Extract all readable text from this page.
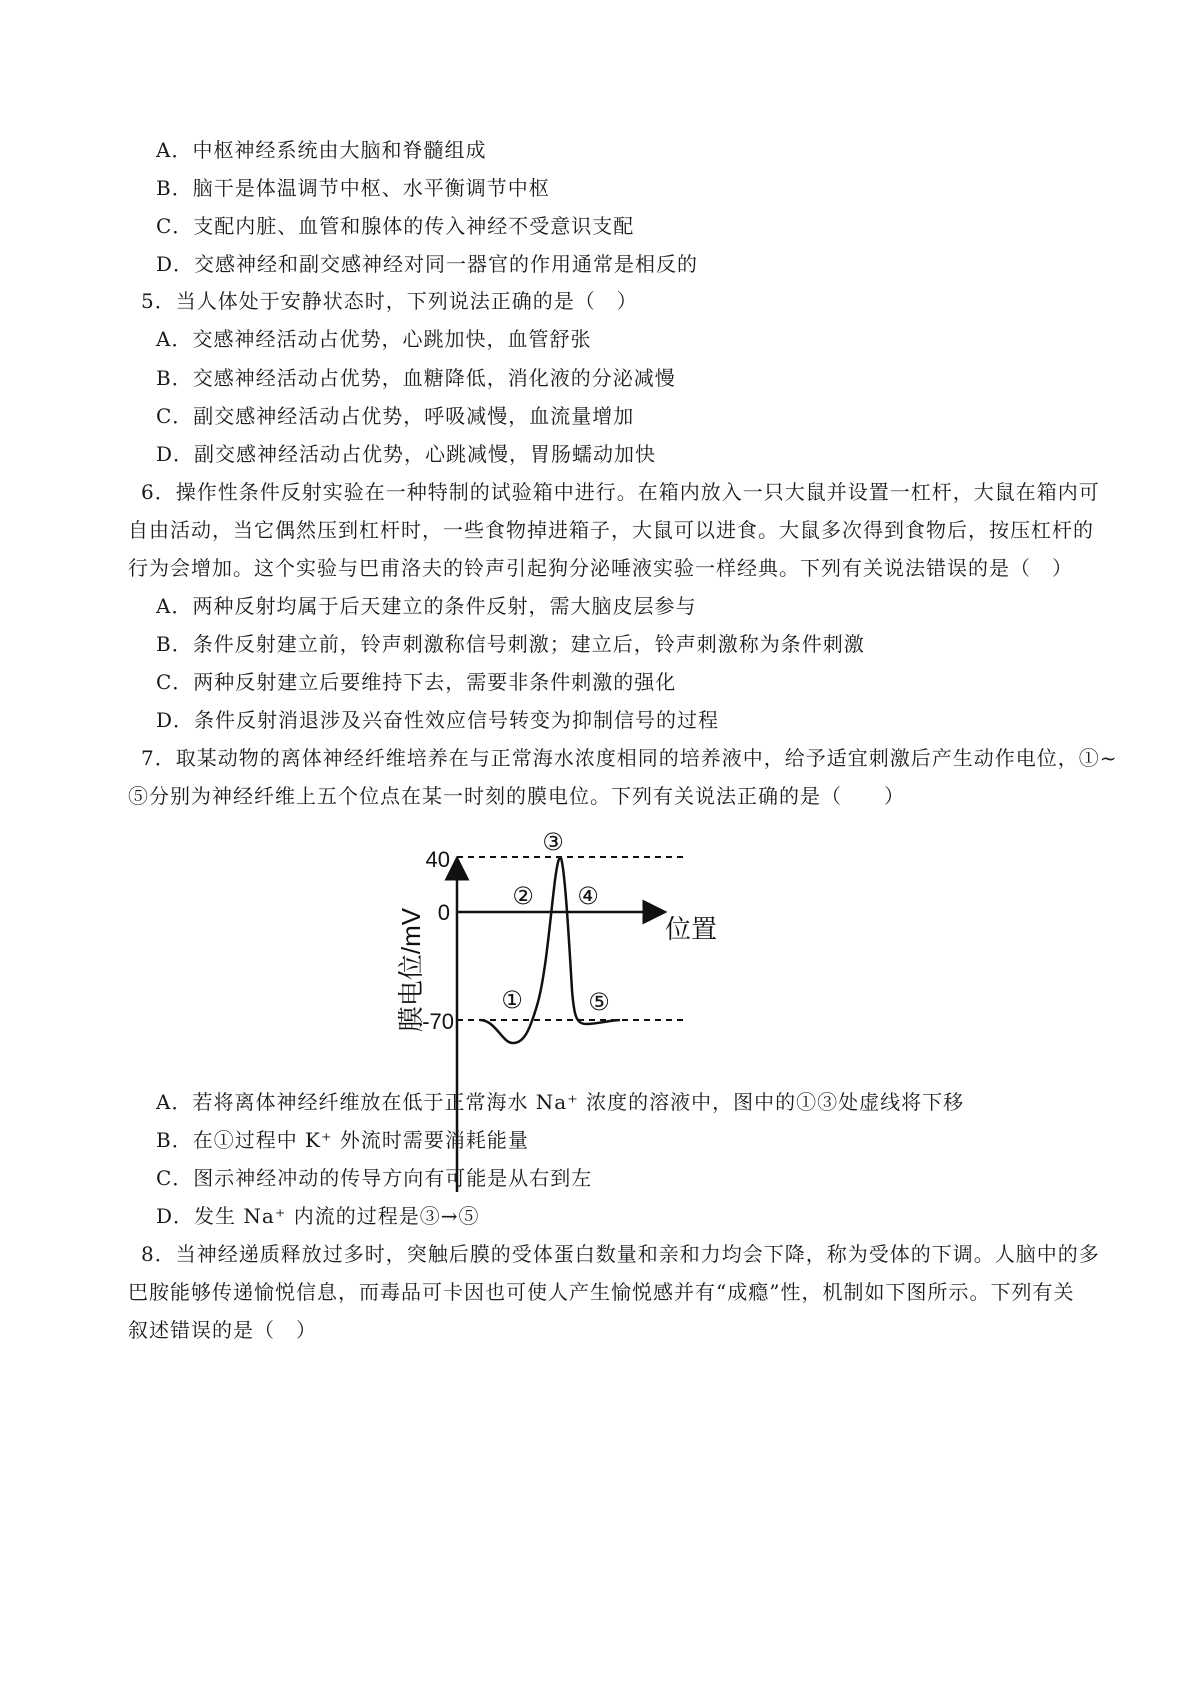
A．中枢神经系统由大脑和脊髓组成
B．脑干是体温调节中枢、水平衡调节中枢
C．支配内脏、血管和腺体的传入神经不受意识支配
D．交感神经和副交感神经对同一器官的作用通常是相反的
5．当人体处于安静状态时，下列说法正确的是（　）
A．交感神经活动占优势，心跳加快，血管舒张
B．交感神经活动占优势，血糖降低，消化液的分泌减慢
C．副交感神经活动占优势，呼吸减慢，血流量增加
D．副交感神经活动占优势，心跳减慢，胃肠蠕动加快
6．操作性条件反射实验在一种特制的试验箱中进行。在箱内放入一只大鼠并设置一杠杆，大鼠在箱内可
自由活动，当它偶然压到杠杆时，一些食物掉进箱子，大鼠可以进食。大鼠多次得到食物后，按压杠杆的
行为会增加。这个实验与巴甫洛夫的铃声引起狗分泌唾液实验一样经典。下列有关说法错误的是（　）
A．两种反射均属于后天建立的条件反射，需大脑皮层参与
B．条件反射建立前，铃声刺激称信号刺激；建立后，铃声刺激称为条件刺激
C．两种反射建立后要维持下去，需要非条件刺激的强化
D．条件反射消退涉及兴奋性效应信号转变为抑制信号的过程
7．取某动物的离体神经纤维培养在与正常海水浓度相同的培养液中，给予适宜刺激后产生动作电位，①~
⑤分别为神经纤维上五个位点在某一时刻的膜电位。下列有关说法正确的是（　　）
40
0
-70
膜电位/mV	位置
①
②
③
④
⑤
A．若将离体神经纤维放在低于正常海水 Na⁺ 浓度的溶液中，图中的①③处虚线将下移
B．在①过程中 K⁺ 外流时需要消耗能量
C．图示神经冲动的传导方向有可能是从右到左
D．发生 Na⁺ 内流的过程是③→⑤
8．当神经递质释放过多时，突触后膜的受体蛋白数量和亲和力均会下降，称为受体的下调。人脑中的多
巴胺能够传递愉悦信息，而毒品可卡因也可使人产生愉悦感并有“成瘾”性，机制如下图所示。下列有关
叙述错误的是（　）
